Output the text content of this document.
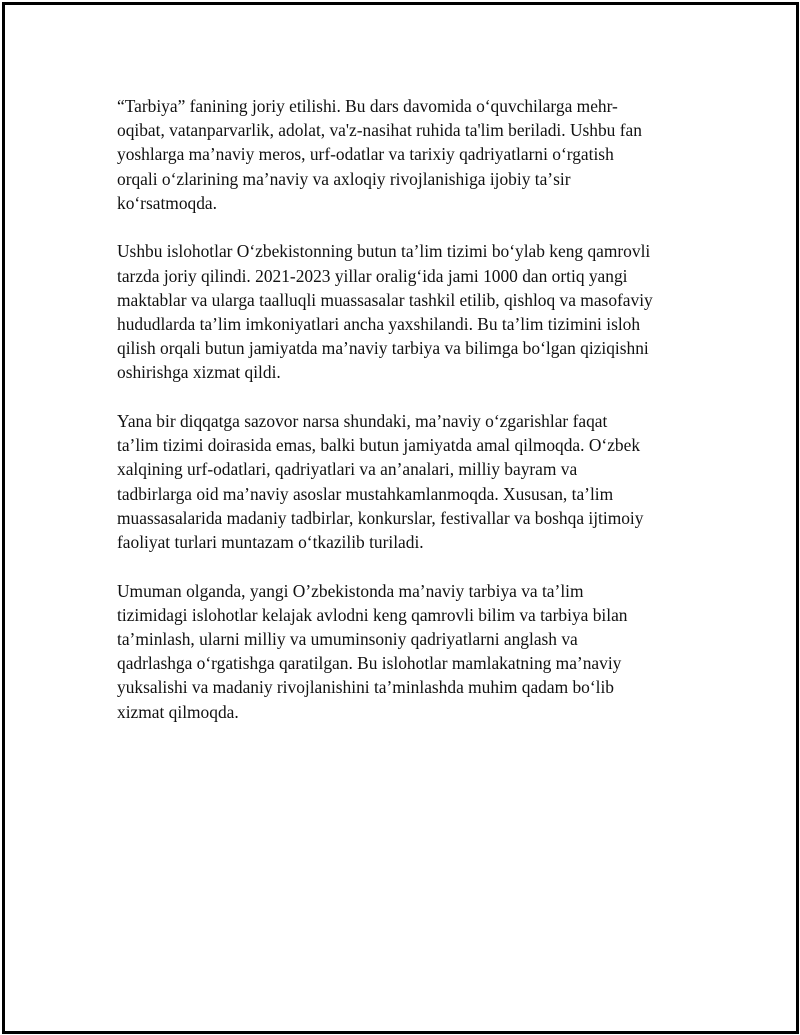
“Tarbiya” fanining joriy etilishi. Bu dars davomida oʻquvchilarga mehr-
oqibat, vatanparvarlik, adolat, va'z-nasihat ruhida ta'lim beriladi. Ushbu fan
yoshlarga maʼnaviy meros, urf-odatlar va tarixiy qadriyatlarni oʻrgatish
orqali oʻzlarining maʼnaviy va axloqiy rivojlanishiga ijobiy taʼsir
koʻrsatmoqda.

Ushbu islohotlar Oʻzbekistonning butun taʼlim tizimi boʻylab keng qamrovli
tarzda joriy qilindi. 2021-2023 yillar oraligʻida jami 1000 dan ortiq yangi
maktablar va ularga taalluqli muassasalar tashkil etilib, qishloq va masofaviy
hududlarda taʼlim imkoniyatlari ancha yaxshilandi. Bu taʼlim tizimini isloh
qilish orqali butun jamiyatda maʼnaviy tarbiya va bilimga boʻlgan qiziqishni
oshirishga xizmat qildi.

Yana bir diqqatga sazovor narsa shundaki, maʼnaviy oʻzgarishlar faqat
taʼlim tizimi doirasida emas, balki butun jamiyatda amal qilmoqda. Oʻzbek
xalqining urf-odatlari, qadriyatlari va anʼanalari, milliy bayram va
tadbirlarga oid maʼnaviy asoslar mustahkamlanmoqda. Xususan, taʼlim
muassasalarida madaniy tadbirlar, konkurslar, festivallar va boshqa ijtimoiy
faoliyat turlari muntazam oʻtkazilib turiladi.

Umuman olganda, yangi Oʼzbekistonda maʼnaviy tarbiya va taʼlim
tizimidagi islohotlar kelajak avlodni keng qamrovli bilim va tarbiya bilan
taʼminlash, ularni milliy va umuminsoniy qadriyatlarni anglash va
qadrlashga oʻrgatishga qaratilgan. Bu islohotlar mamlakatning maʼnaviy
yuksalishi va madaniy rivojlanishini taʼminlashda muhim qadam boʻlib
xizmat qilmoqda.
